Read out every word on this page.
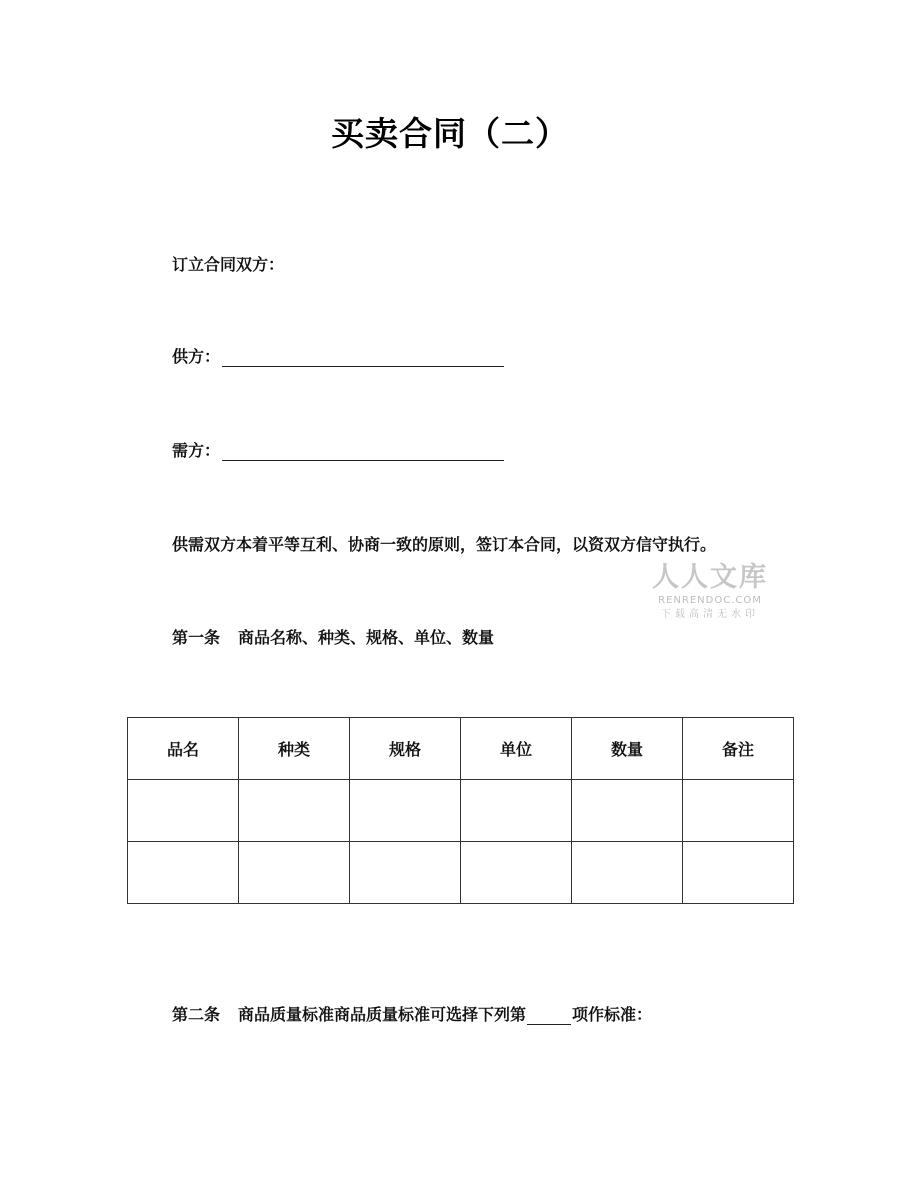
买卖合同（二）
订立合同双方：
供方：
需方：
供需双方本着平等互利、协商一致的原则，签订本合同，以资双方信守执行。
第一条 商品名称、种类、规格、单位、数量
品名	种类	规格	单位	数量	备注

第二条 商品质量标准商品质量标准可选择下列第	项作标准：
人人文库
RENRENDOC.COM
下载高清无水印
